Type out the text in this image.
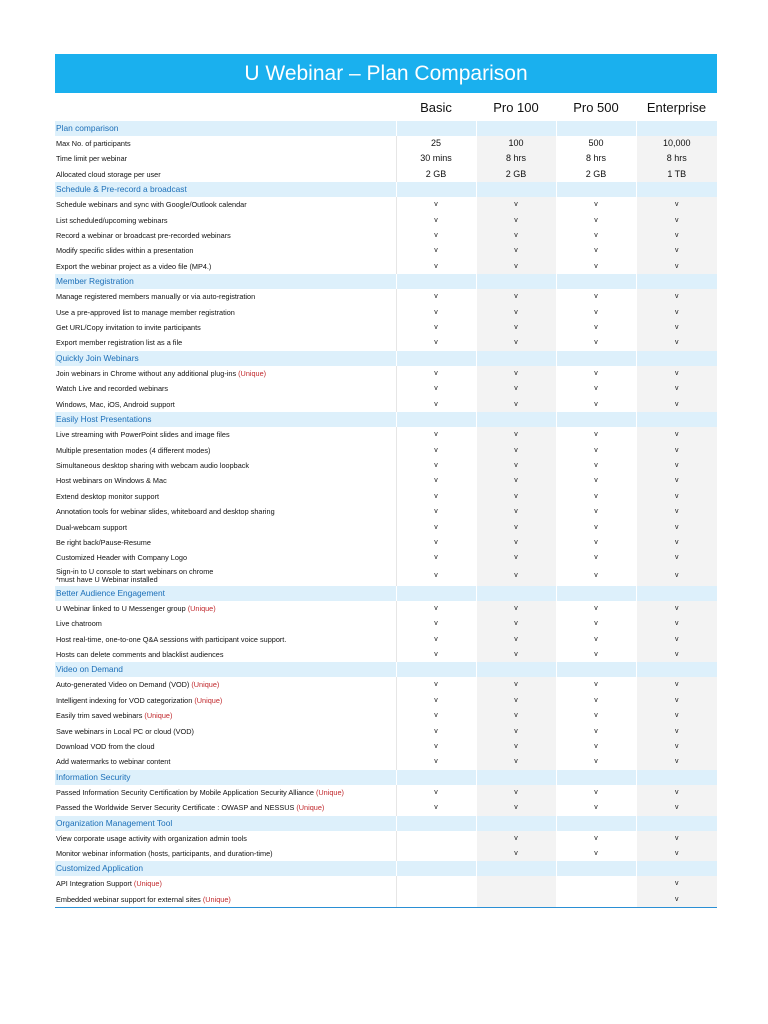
U Webinar – Plan Comparison
	Basic	Pro 100	Pro 500	Enterprise
Plan comparison				
Max No. of participants	25	100	500	10,000
Time limit per webinar	30 mins	8 hrs	8 hrs	8 hrs
Allocated cloud storage per user	2 GB	2 GB	2 GB	1 TB
Schedule & Pre-record a broadcast				
Schedule webinars and sync with Google/Outlook calendar	v	v	v	v
List scheduled/upcoming webinars	v	v	v	v
Record a webinar or broadcast pre-recorded webinars	v	v	v	v
Modify specific slides within a presentation	v	v	v	v
Export the webinar project as a video file (MP4.)	v	v	v	v
Member Registration				
Manage registered members manually or via auto-registration	v	v	v	v
Use a pre-approved list to manage member registration	v	v	v	v
Get URL/Copy invitation to invite participants	v	v	v	v
Export member registration list as a file	v	v	v	v
Quickly Join Webinars				
Join webinars in Chrome without any additional plug-ins (Unique)	v	v	v	v
Watch Live and recorded webinars	v	v	v	v
Windows, Mac, iOS, Android support	v	v	v	v
Easily Host Presentations				
Live streaming with PowerPoint slides and image files	v	v	v	v
Multiple presentation modes (4 different modes)	v	v	v	v
Simultaneous desktop sharing with webcam audio loopback	v	v	v	v
Host webinars on Windows & Mac	v	v	v	v
Extend desktop monitor support	v	v	v	v
Annotation tools for webinar slides, whiteboard and desktop sharing	v	v	v	v
Dual-webcam support	v	v	v	v
Be right back/Pause-Resume	v	v	v	v
Customized Header with Company Logo	v	v	v	v
Sign-in to U console to start webinars on chrome
*must have U Webinar installed	v	v	v	v
Better Audience Engagement				
U Webinar linked to U Messenger group (Unique)	v	v	v	v
Live chatroom	v	v	v	v
Host real-time, one-to-one Q&A sessions with participant voice support.	v	v	v	v
Hosts can delete comments and blacklist audiences	v	v	v	v
Video on Demand				
Auto-generated Video on Demand (VOD) (Unique)	v	v	v	v
Intelligent indexing for VOD categorization (Unique)	v	v	v	v
Easily trim saved webinars (Unique)	v	v	v	v
Save webinars in Local PC or cloud (VOD)	v	v	v	v
Download VOD from the cloud	v	v	v	v
Add watermarks to webinar content	v	v	v	v
Information Security				
Passed Information Security Certification by Mobile Application Security Alliance (Unique)	v	v	v	v
Passed the Worldwide Server Security Certificate : OWASP and NESSUS (Unique)	v	v	v	v
Organization Management Tool				
View corporate usage activity with organization admin tools		v	v	v
Monitor webinar information (hosts, participants, and duration-time)		v	v	v
Customized Application				
API Integration Support (Unique)				v
Embedded webinar support for external sites (Unique)				v
